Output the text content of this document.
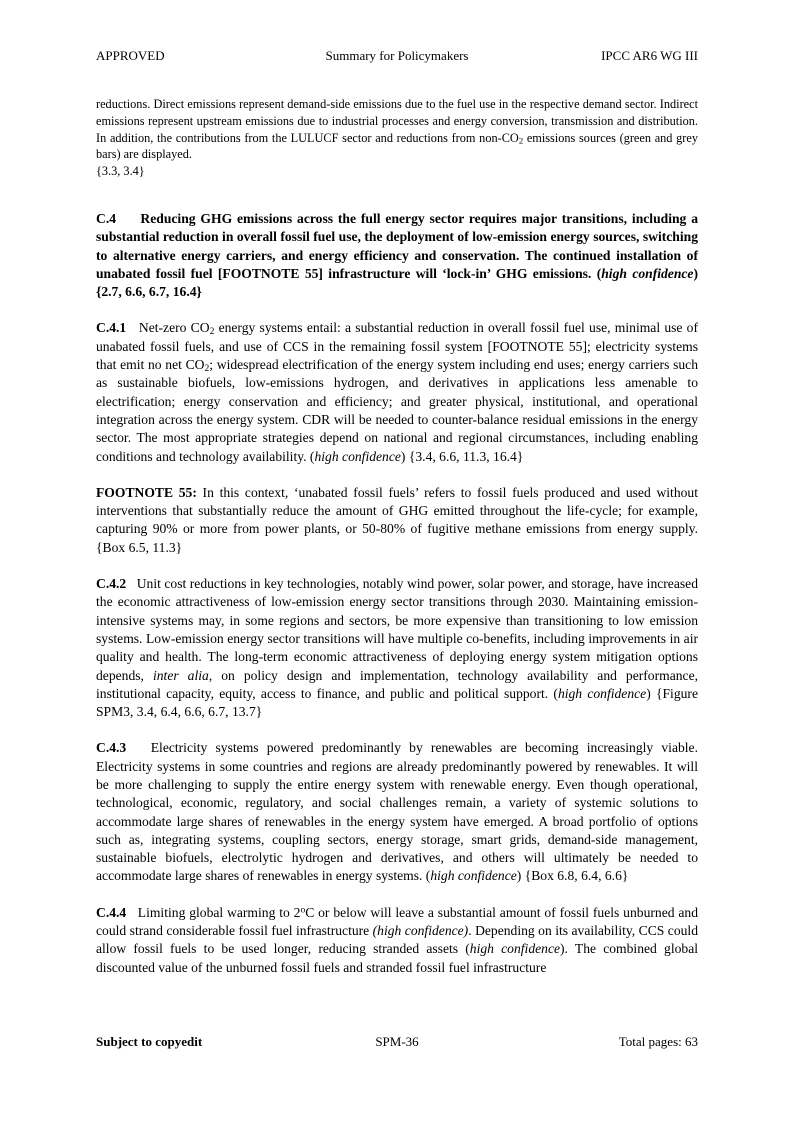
Summary for Policymakers
APPROVED	IPCC AR6 WG III

reductions. Direct emissions represent demand-side emissions due to the fuel use in the respective demand sector. Indirect emissions represent upstream emissions due to industrial processes and energy conversion, transmission and distribution. In addition, the contributions from the LULUCF sector and reductions from non-$CO_2$ emissions sources (green and grey bars) are displayed.

{3.3, 3.4}

C.4 Reducing GHG emissions across the full energy sector requires major transitions, including a substantial reduction in overall fossil fuel use, the deployment of low-emission energy sources, switching to alternative energy carriers, and energy efficiency and conservation. The continued installation of unabated fossil fuel [FOOTNOTE 55] infrastructure will ‘lock-in’ GHG emissions. (high confidence) {2.7, 6.6, 6.7, 16.4}

C.4.1 Net-zero $CO_2$ energy systems entail: a substantial reduction in overall fossil fuel use, minimal use of unabated fossil fuels, and use of CCS in the remaining fossil system [FOOTNOTE 55]; electricity systems that emit no net $CO_2$; widespread electrification of the energy system including end uses; energy carriers such as sustainable biofuels, low-emissions hydrogen, and derivatives in applications less amenable to electrification; energy conservation and efficiency; and greater physical, institutional, and operational integration across the energy system. CDR will be needed to counter-balance residual emissions in the energy sector. The most appropriate strategies depend on national and regional circumstances, including enabling conditions and technology availability. (high confidence) {3.4, 6.6, 11.3, 16.4}

FOOTNOTE 55: In this context, ‘unabated fossil fuels’ refers to fossil fuels produced and used without interventions that substantially reduce the amount of GHG emitted throughout the life-cycle; for example, capturing 90% or more from power plants, or 50-80% of fugitive methane emissions from energy supply. {Box 6.5, 11.3}

C.4.2 Unit cost reductions in key technologies, notably wind power, solar power, and storage, have increased the economic attractiveness of low-emission energy sector transitions through 2030. Maintaining emission-intensive systems may, in some regions and sectors, be more expensive than transitioning to low emission systems. Low-emission energy sector transitions will have multiple co-benefits, including improvements in air quality and health. The long-term economic attractiveness of deploying energy system mitigation options depends, inter alia, on policy design and implementation, technology availability and performance, institutional capacity, equity, access to finance, and public and political support. (high confidence) {Figure SPM3, 3.4, 6.4, 6.6, 6.7, 13.7}

C.4.3 Electricity systems powered predominantly by renewables are becoming increasingly viable. Electricity systems in some countries and regions are already predominantly powered by renewables. It will be more challenging to supply the entire energy system with renewable energy. Even though operational, technological, economic, regulatory, and social challenges remain, a variety of systemic solutions to accommodate large shares of renewables in the energy system have emerged. A broad portfolio of options such as, integrating systems, coupling sectors, energy storage, smart grids, demand-side management, sustainable biofuels, electrolytic hydrogen and derivatives, and others will ultimately be needed to accommodate large shares of renewables in energy systems. (high confidence) {Box 6.8, 6.4, 6.6}

C.4.4 Limiting global warming to 2$^o$C or below will leave a substantial amount of fossil fuels unburned and could strand considerable fossil fuel infrastructure (high confidence). Depending on its availability, CCS could allow fossil fuels to be used longer, reducing stranded assets (high confidence). The combined global discounted value of the unburned fossil fuels and stranded fossil fuel infrastructure

SPM-36
Subject to copyedit	Total pages: 63
